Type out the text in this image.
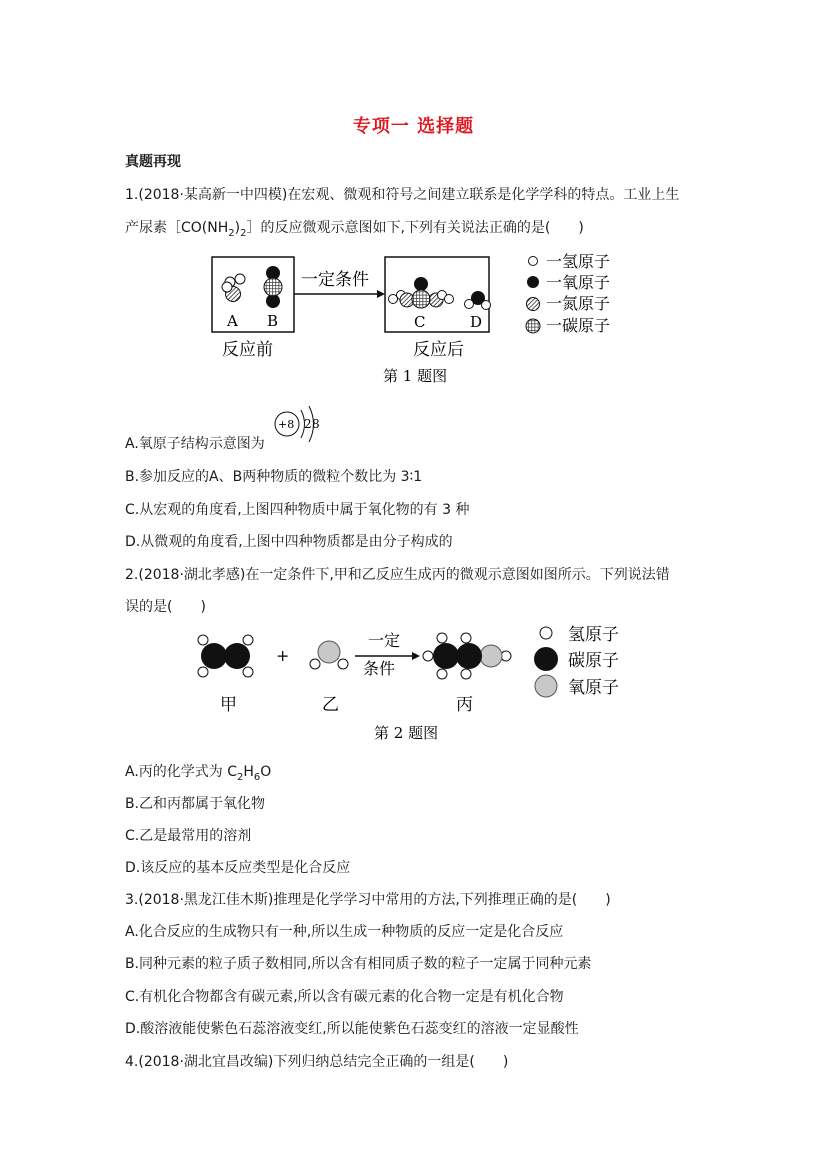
专项一 选择题
真题再现
1.(2018·某高新一中四模)在宏观、微观和符号之间建立联系是化学学科的特点。工业上生
产尿素$[CO(NH_2)_2]$的反应微观示意图如下,下列有关说法正确的是(　　)
A B
一定条件
C	D
反应前	反应后
第 1 题图
一氢原子
一氧原子
一氮原子
一碳原子
A.氧原子结构示意图为
+8 2 8
B.参加反应的A、B两种物质的微粒个数比为 3∶1
C.从宏观的角度看,上图四种物质中属于氧化物的有 3 种
D.从微观的角度看,上图中四种物质都是由分子构成的
2.(2018·湖北孝感)在一定条件下,甲和乙反应生成丙的微观示意图如图所示。下列说法错
误的是(　　)
+
一定
条件
氢原子
碳原子
氧原子
甲	乙	丙
第 2 题图
A.丙的化学式为 $C_2H_6O$
B.乙和丙都属于氧化物
C.乙是最常用的溶剂
D.该反应的基本反应类型是化合反应
3.(2018·黑龙江佳木斯)推理是化学学习中常用的方法,下列推理正确的是(　　)
A.化合反应的生成物只有一种,所以生成一种物质的反应一定是化合反应
B.同种元素的粒子质子数相同,所以含有相同质子数的粒子一定属于同种元素
C.有机化合物都含有碳元素,所以含有碳元素的化合物一定是有机化合物
D.酸溶液能使紫色石蕊溶液变红,所以能使紫色石蕊变红的溶液一定显酸性
4.(2018·湖北宜昌改编)下列归纳总结完全正确的一组是(　　)
